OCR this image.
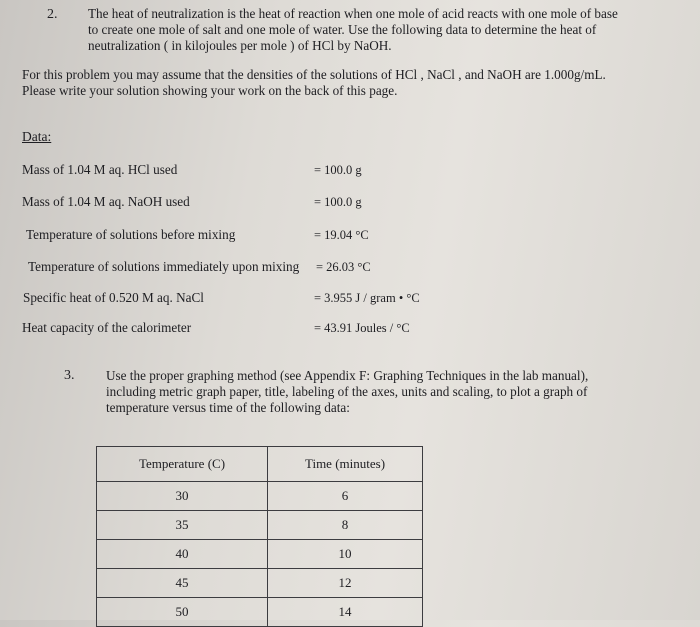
2. The heat of neutralization is the heat of reaction when one mole of acid reacts with one mole of base
to create one mole of salt and one mole of water. Use the following data to determine the heat of
neutralization ( in kilojoules per mole ) of HCl by NaOH.
For this problem you may assume that the densities of the solutions of HCl , NaCl , and NaOH are 1.000g/mL.
Please write your solution showing your work on the back of this page.
Data:
Mass of 1.04 M aq. HCl used	= 100.0 g
Mass of 1.04 M aq. NaOH used	= 100.0 g
Temperature of solutions before mixing	= 19.04 °C
Temperature of solutions immediately upon mixing = 26.03 °C
Specific heat of 0.520 M aq. NaCl	= 3.955 J / gram • °C
Heat capacity of the calorimeter	= 43.91 Joules / °C
3. Use the proper graphing method (see Appendix F: Graphing Techniques in the lab manual),
including metric graph paper, title, labeling of the axes, units and scaling, to plot a graph of
temperature versus time of the following data:
Temperature (C)	Time (minutes)
30	6
35	8
40	10
45	12
50	14
